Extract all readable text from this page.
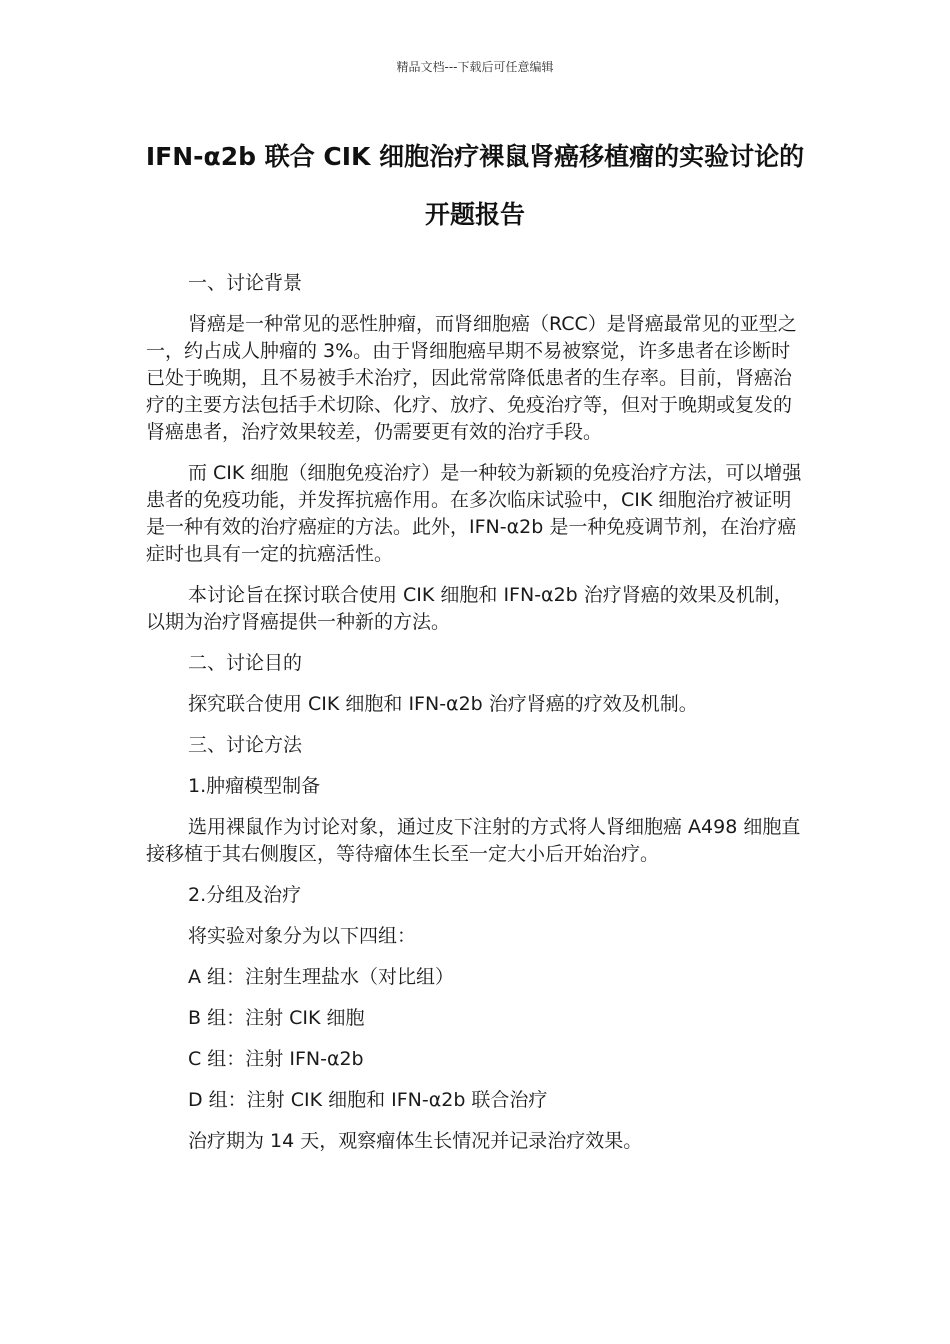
精品文档---下载后可任意编辑
IFN-α2b 联合 CIK 细胞治疗裸鼠肾癌移植瘤的实验讨论的开题报告

一、讨论背景

肾癌是一种常见的恶性肿瘤，而肾细胞癌（RCC）是肾癌最常见的亚型之一，约占成人肿瘤的 3%。由于肾细胞癌早期不易被察觉，许多患者在诊断时已处于晚期，且不易被手术治疗，因此常常降低患者的生存率。目前，肾癌治疗的主要方法包括手术切除、化疗、放疗、免疫治疗等，但对于晚期或复发的肾癌患者，治疗效果较差，仍需要更有效的治疗手段。

而 CIK 细胞（细胞免疫治疗）是一种较为新颖的免疫治疗方法，可以增强患者的免疫功能，并发挥抗癌作用。在多次临床试验中，CIK 细胞治疗被证明是一种有效的治疗癌症的方法。此外，IFN-α2b 是一种免疫调节剂，在治疗癌症时也具有一定的抗癌活性。

本讨论旨在探讨联合使用 CIK 细胞和 IFN-α2b 治疗肾癌的效果及机制，以期为治疗肾癌提供一种新的方法。

二、讨论目的

探究联合使用 CIK 细胞和 IFN-α2b 治疗肾癌的疗效及机制。

三、讨论方法

1.肿瘤模型制备

选用裸鼠作为讨论对象，通过皮下注射的方式将人肾细胞癌 A498 细胞直接移植于其右侧腹区，等待瘤体生长至一定大小后开始治疗。

2.分组及治疗

将实验对象分为以下四组：

A 组：注射生理盐水（对比组）

B 组：注射 CIK 细胞

C 组：注射 IFN-α2b

D 组：注射 CIK 细胞和 IFN-α2b 联合治疗

治疗期为 14 天，观察瘤体生长情况并记录治疗效果。
